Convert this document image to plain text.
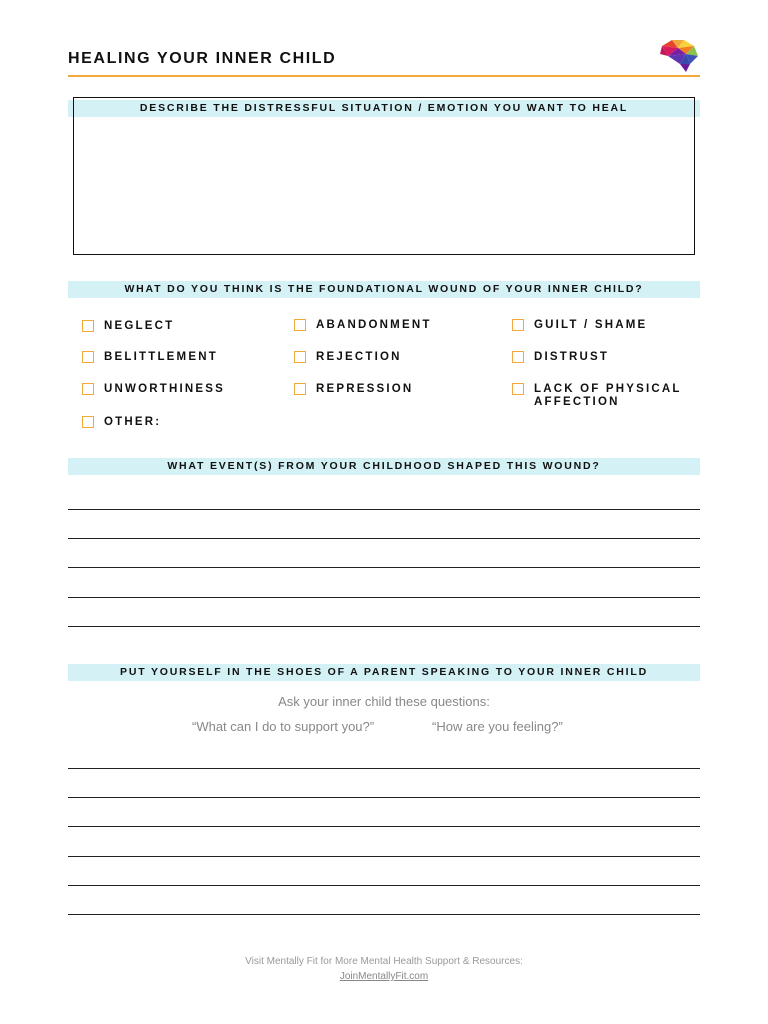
HEALING YOUR INNER CHILD
DESCRIBE THE DISTRESSFUL SITUATION / EMOTION YOU WANT TO HEAL
WHAT DO YOU THINK IS THE FOUNDATIONAL WOUND OF YOUR INNER CHILD?
NEGLECT	ABANDONMENT	GUILT / SHAME
BELITTLEMENT	REJECTION	DISTRUST
UNWORTHINESS	REPRESSION	LACK OF PHYSICAL
AFFECTION
OTHER:
WHAT EVENT(S) FROM YOUR CHILDHOOD SHAPED THIS WOUND?
PUT YOURSELF IN THE SHOES OF A PARENT SPEAKING TO YOUR INNER CHILD
Ask your inner child these questions:
“What can I do to support you?”	“How are you feeling?”
Visit Mentally Fit for More Mental Health Support & Resources:
JoinMentallyFit.com
